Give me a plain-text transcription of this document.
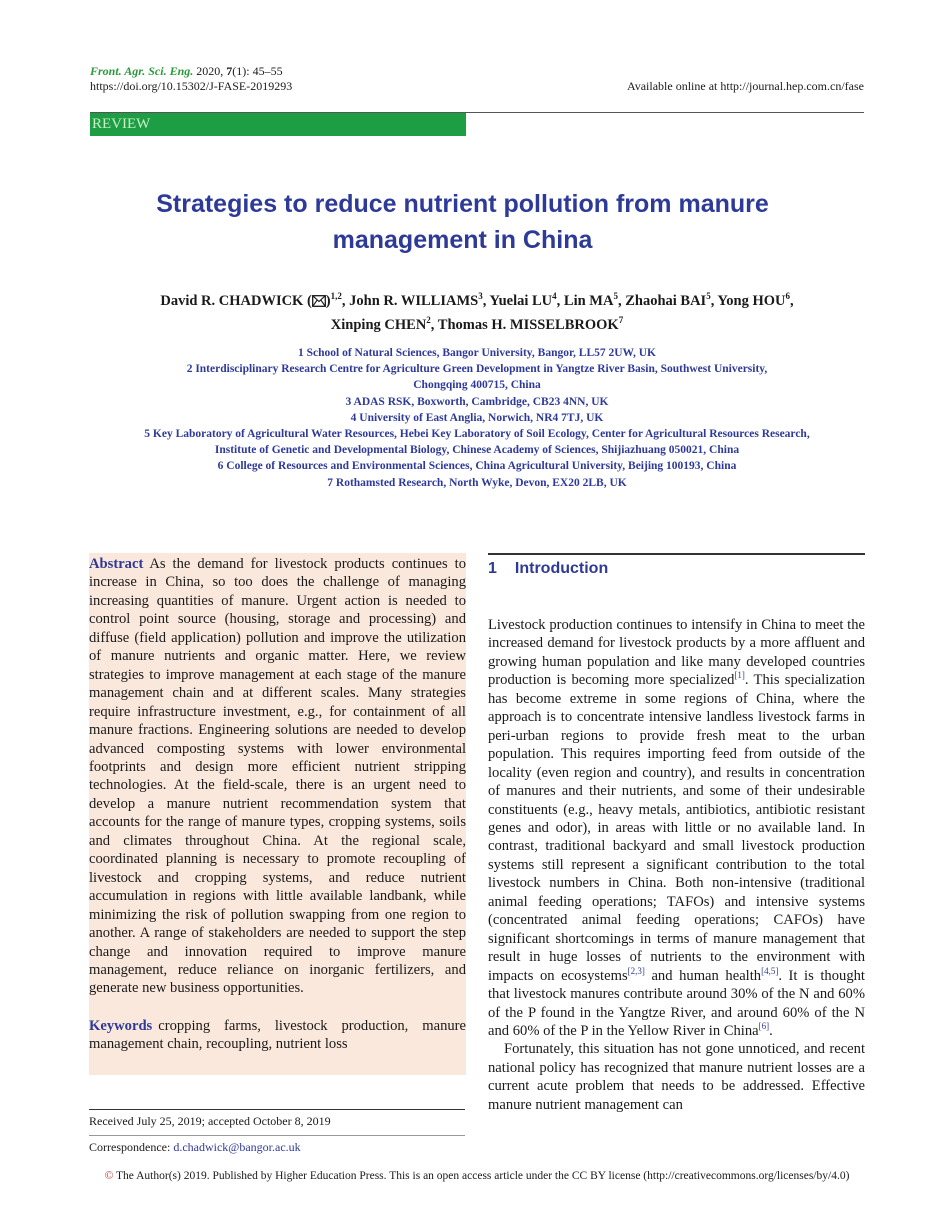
Front. Agr. Sci. Eng. 2020, 7(1): 45–55
https://doi.org/10.15302/J-FASE-2019293	Available online at http://journal.hep.com.cn/fase
REVIEW
Strategies to reduce nutrient pollution from manure management in China
David R. CHADWICK ( )$^{1,2}$, John R. WILLIAMS$^3$, Yuelai $LU^4$, Lin $MA^5$, Zhaohai BAI$^5$, Yong HOU$^6$,
Xinping CHEN$^2$, Thomas H. MISSELBROOK$^7$
1 School of Natural Sciences, Bangor University, Bangor, LL57 2UW, UK
2 Interdisciplinary Research Centre for Agriculture Green Development in Yangtze River Basin, Southwest University,
Chongqing 400715, China
3 ADAS RSK, Boxworth, Cambridge, CB23 4NN, UK
4 University of East Anglia, Norwich, NR4 7TJ, UK
5 Key Laboratory of Agricultural Water Resources, Hebei Key Laboratory of Soil Ecology, Center for Agricultural Resources Research,
Institute of Genetic and Developmental Biology, Chinese Academy of Sciences, Shijiazhuang 050021, China
6 College of Resources and Environmental Sciences, China Agricultural University, Beijing 100193, China
7 Rothamsted Research, North Wyke, Devon, EX20 2LB, UK
Abstract As the demand for livestock products continues to increase in China, so too does the challenge of managing increasing quantities of manure. Urgent action is needed to control point source (housing, storage and processing) and diffuse (field application) pollution and improve the utilization of manure nutrients and organic matter. Here, we review strategies to improve management at each stage of the manure management chain and at different scales. Many strategies require infrastructure investment, e.g., for containment of all manure fractions. Engineering solutions are needed to develop advanced composting systems with lower environmental footprints and design more efficient nutrient stripping technologies. At the field-scale, there is an urgent need to develop a manure nutrient recommendation system that accounts for the range of manure types, cropping systems, soils and climates throughout China. At the regional scale, coordinated planning is necessary to promote recoupling of livestock and cropping systems, and reduce nutrient accumulation in regions with little available landbank, while minimizing the risk of pollution swapping from one region to another. A range of stakeholders are needed to support the step change and innovation required to improve manure management, reduce reliance on inorganic fertilizers, and generate new business opportunities.
Keywords cropping farms, livestock production, manure management chain, recoupling, nutrient loss
Received July 25, 2019; accepted October 8, 2019
Correspondence: d.chadwick@bangor.ac.uk
1 Introduction

Livestock production continues to intensify in China to meet the increased demand for livestock products by a more affluent and growing human population and like many developed countries production is becoming more specialized[1]. This specialization has become extreme in some regions of China, where the approach is to concentrate intensive landless livestock farms in peri-urban regions to provide fresh meat to the urban population. This requires importing feed from outside of the locality (even region and country), and results in concentration of manures and their nutrients, and some of their undesirable constituents (e.g., heavy metals, antibiotics, antibiotic resistant genes and odor), in areas with little or no available land. In contrast, traditional backyard and small livestock production systems still represent a significant contribution to the total livestock numbers in China. Both non-intensive (traditional animal feeding operations; TAFOs) and intensive systems (concentrated animal feeding operations; CAFOs) have significant shortcomings in terms of manure management that result in huge losses of nutrients to the environment with impacts on ecosystems[2,3] and human health[4,5]. It is thought that livestock manures contribute around 30% of the N and 60% of the P found in the Yangtze River, and around 60% of the N and 60% of the P in the Yellow River in China[6].

Fortunately, this situation has not gone unnoticed, and recent national policy has recognized that manure nutrient losses are a current acute problem that needs to be addressed. Effective manure nutrient management can

© The Author(s) 2019. Published by Higher Education Press. This is an open access article under the CC BY license (http://creativecommons.org/licenses/by/4.0)
